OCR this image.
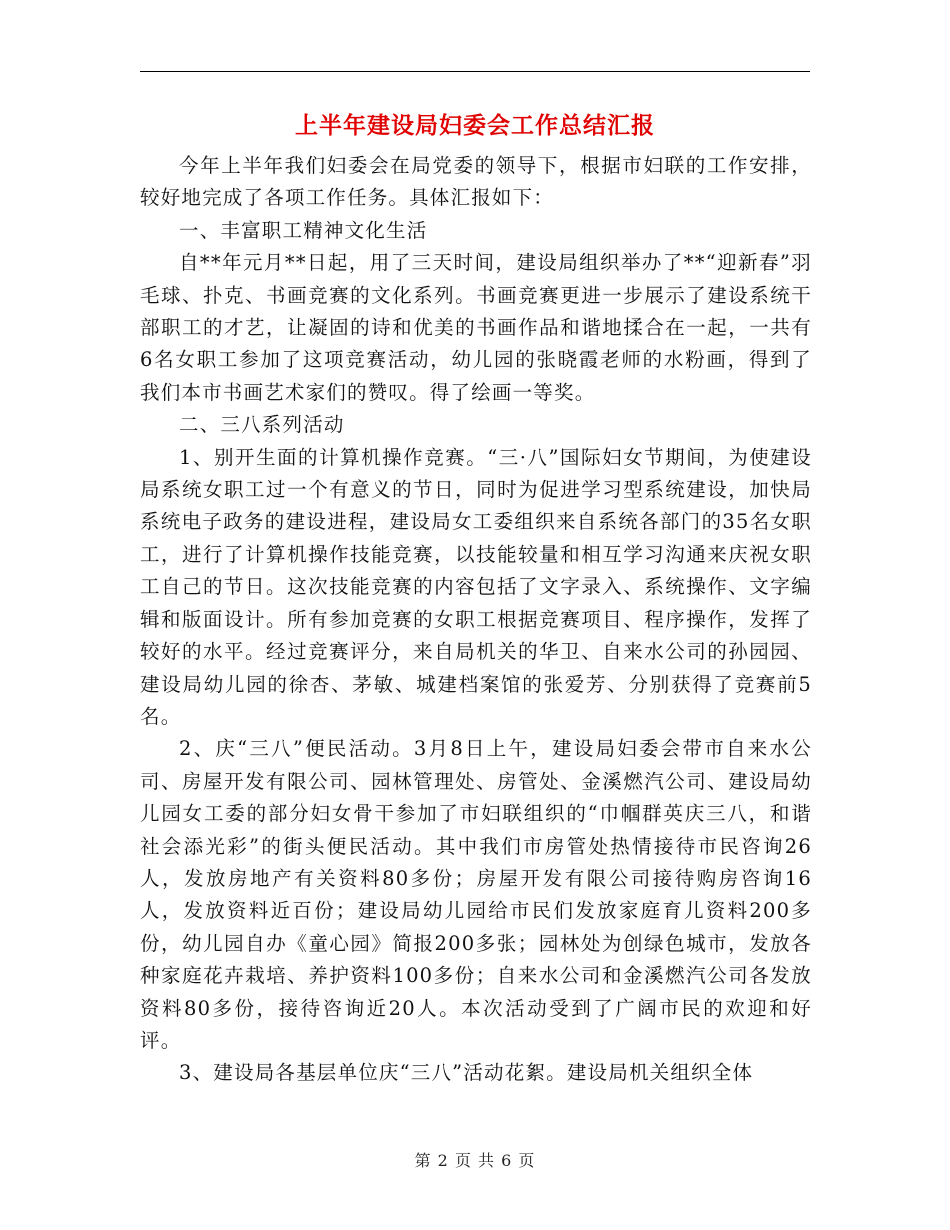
上半年建设局妇委会工作总结汇报

今年上半年我们妇委会在局党委的领导下，根据市妇联的工作安排，较好地完成了各项工作任务。具体汇报如下：

一、丰富职工精神文化生活

自**年元月**日起，用了三天时间，建设局组织举办了**“迎新春”羽毛球、扑克、书画竞赛的文化系列。书画竞赛更进一步展示了建设系统干部职工的才艺，让凝固的诗和优美的书画作品和谐地揉合在一起，一共有6名女职工参加了这项竞赛活动，幼儿园的张晓霞老师的水粉画，得到了我们本市书画艺术家们的赞叹。得了绘画一等奖。

二、三八系列活动

1、别开生面的计算机操作竞赛。“三·八”国际妇女节期间，为使建设局系统女职工过一个有意义的节日，同时为促进学习型系统建设，加快局系统电子政务的建设进程，建设局女工委组织来自系统各部门的35名女职工，进行了计算机操作技能竞赛，以技能较量和相互学习沟通来庆祝女职工自己的节日。这次技能竞赛的内容包括了文字录入、系统操作、文字编辑和版面设计。所有参加竞赛的女职工根据竞赛项目、程序操作，发挥了较好的水平。经过竞赛评分，来自局机关的华卫、自来水公司的孙园园、建设局幼儿园的徐杏、茅敏、城建档案馆的张爱芳、分别获得了竞赛前5名。

2、庆“三八”便民活动。3月8日上午，建设局妇委会带市自来水公司、房屋开发有限公司、园林管理处、房管处、金溪燃汽公司、建设局幼儿园女工委的部分妇女骨干参加了市妇联组织的“巾帼群英庆三八，和谐社会添光彩”的街头便民活动。其中我们市房管处热情接待市民咨询26人，发放房地产有关资料80多份；房屋开发有限公司接待购房咨询16人，发放资料近百份；建设局幼儿园给市民们发放家庭育儿资料200多份，幼儿园自办《童心园》简报200多张；园林处为创绿色城市，发放各种家庭花卉栽培、养护资料100多份；自来水公司和金溪燃汽公司各发放资料80多份，接待咨询近20人。本次活动受到了广阔市民的欢迎和好评。

3、建设局各基层单位庆“三八”活动花絮。建设局机关组织全体

第 2 页 共 6 页
